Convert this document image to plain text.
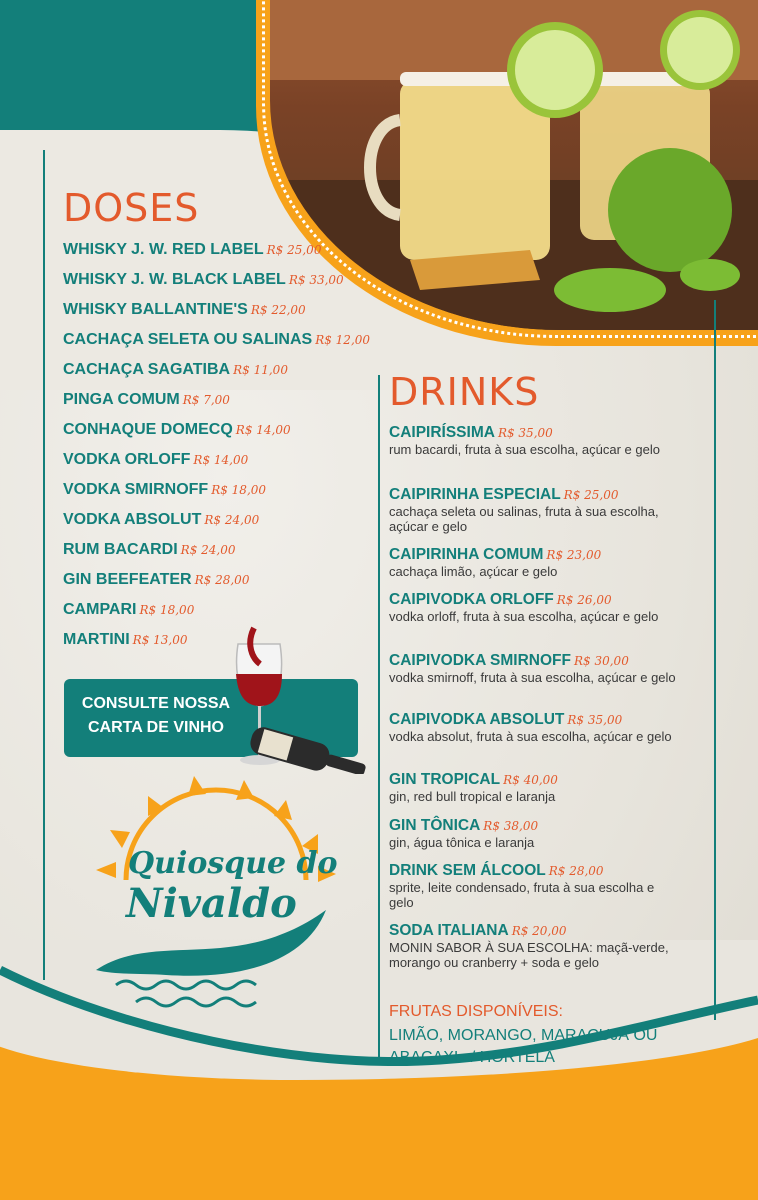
DOSES
WHISKY J. W. RED LABEL R$ 25,00
WHISKY J. W. BLACK LABEL R$ 33,00
WHISKY BALLANTINE'S R$ 22,00
CACHAÇA SELETA OU SALINAS R$ 12,00
CACHAÇA SAGATIBA R$ 11,00
PINGA COMUM R$ 7,00
CONHAQUE DOMECQ R$ 14,00
VODKA ORLOFF R$ 14,00
VODKA SMIRNOFF R$ 18,00
VODKA ABSOLUT R$ 24,00
RUM BACARDI R$ 24,00
GIN BEEFEATER R$ 28,00
CAMPARI R$ 18,00
MARTINI R$ 13,00
CONSULTE NOSSA
CARTA DE VINHO
Quiosque do
Nivaldo
DRINKS
CAIPIRÍSSIMA R$ 35,00
rum bacardi, fruta à sua escolha, açúcar e gelo
CAIPIRINHA ESPECIAL R$ 25,00
cachaça seleta ou salinas, fruta à sua escolha, açúcar e gelo
CAIPIRINHA COMUM R$ 23,00
cachaça limão, açúcar e gelo
CAIPIVODKA ORLOFF R$ 26,00
vodka orloff, fruta à sua escolha, açúcar e gelo
CAIPIVODKA SMIRNOFF R$ 30,00
vodka smirnoff, fruta à sua escolha, açúcar e gelo
CAIPIVODKA ABSOLUT R$ 35,00
vodka absolut, fruta à sua escolha, açúcar e gelo
GIN TROPICAL R$ 40,00
gin, red bull tropical e laranja
GIN TÔNICA R$ 38,00
gin, água tônica e laranja
DRINK SEM ÁLCOOL R$ 28,00
sprite, leite condensado, fruta à sua escolha e gelo
SODA ITALIANA R$ 20,00
MONIN SABOR À SUA ESCOLHA: maçã-verde, morango ou cranberry + soda e gelo
FRUTAS DISPONÍVEIS:
LIMÃO, MORANGO, MARACUJÁ OU ABACAXI c/ HORTELÃ
